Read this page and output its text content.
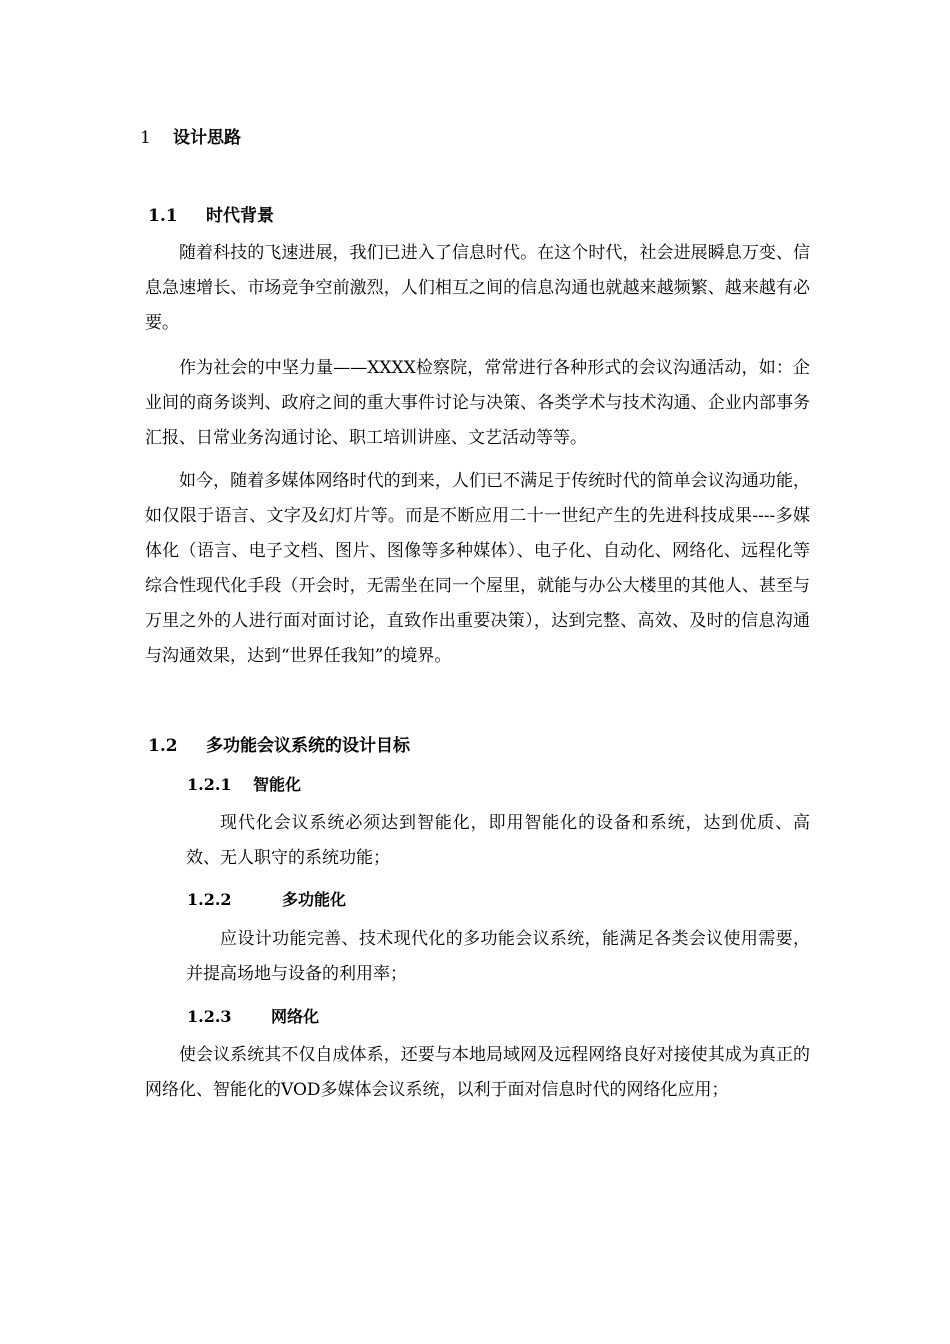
1 设计思路
1.1 时代背景

随着科技的飞速进展，我们已进入了信息时代。在这个时代，社会进展瞬息万变、信息急速增长、市场竞争空前激烈，人们相互之间的信息沟通也就越来越频繁、越来越有必要。

作为社会的中坚力量——XXXX检察院，常常进行各种形式的会议沟通活动，如：企业间的商务谈判、政府之间的重大事件讨论与决策、各类学术与技术沟通、企业内部事务汇报、日常业务沟通讨论、职工培训讲座、文艺活动等等。

如今，随着多媒体网络时代的到来，人们已不满足于传统时代的简单会议沟通功能，如仅限于语言、文字及幻灯片等。而是不断应用二十一世纪产生的先进科技成果----多媒体化（语言、电子文档、图片、图像等多种媒体）、电子化、自动化、网络化、远程化等综合性现代化手段（开会时，无需坐在同一个屋里，就能与办公大楼里的其他人、甚至与万里之外的人进行面对面讨论，直致作出重要决策），达到完整、高效、及时的信息沟通与沟通效果，达到“世界任我知”的境界。

1.2 多功能会议系统的设计目标
1.2.1 智能化

现代化会议系统必须达到智能化，即用智能化的设备和系统，达到优质、高效、无人职守的系统功能；

1.2.2	多功能化

应设计功能完善、技术现代化的多功能会议系统，能满足各类会议使用需要，并提高场地与设备的利用率；

1.2.3 网络化

使会议系统其不仅自成体系，还要与本地局域网及远程网络良好对接使其成为真正的网络化、智能化的VOD多媒体会议系统，以利于面对信息时代的网络化应用；
